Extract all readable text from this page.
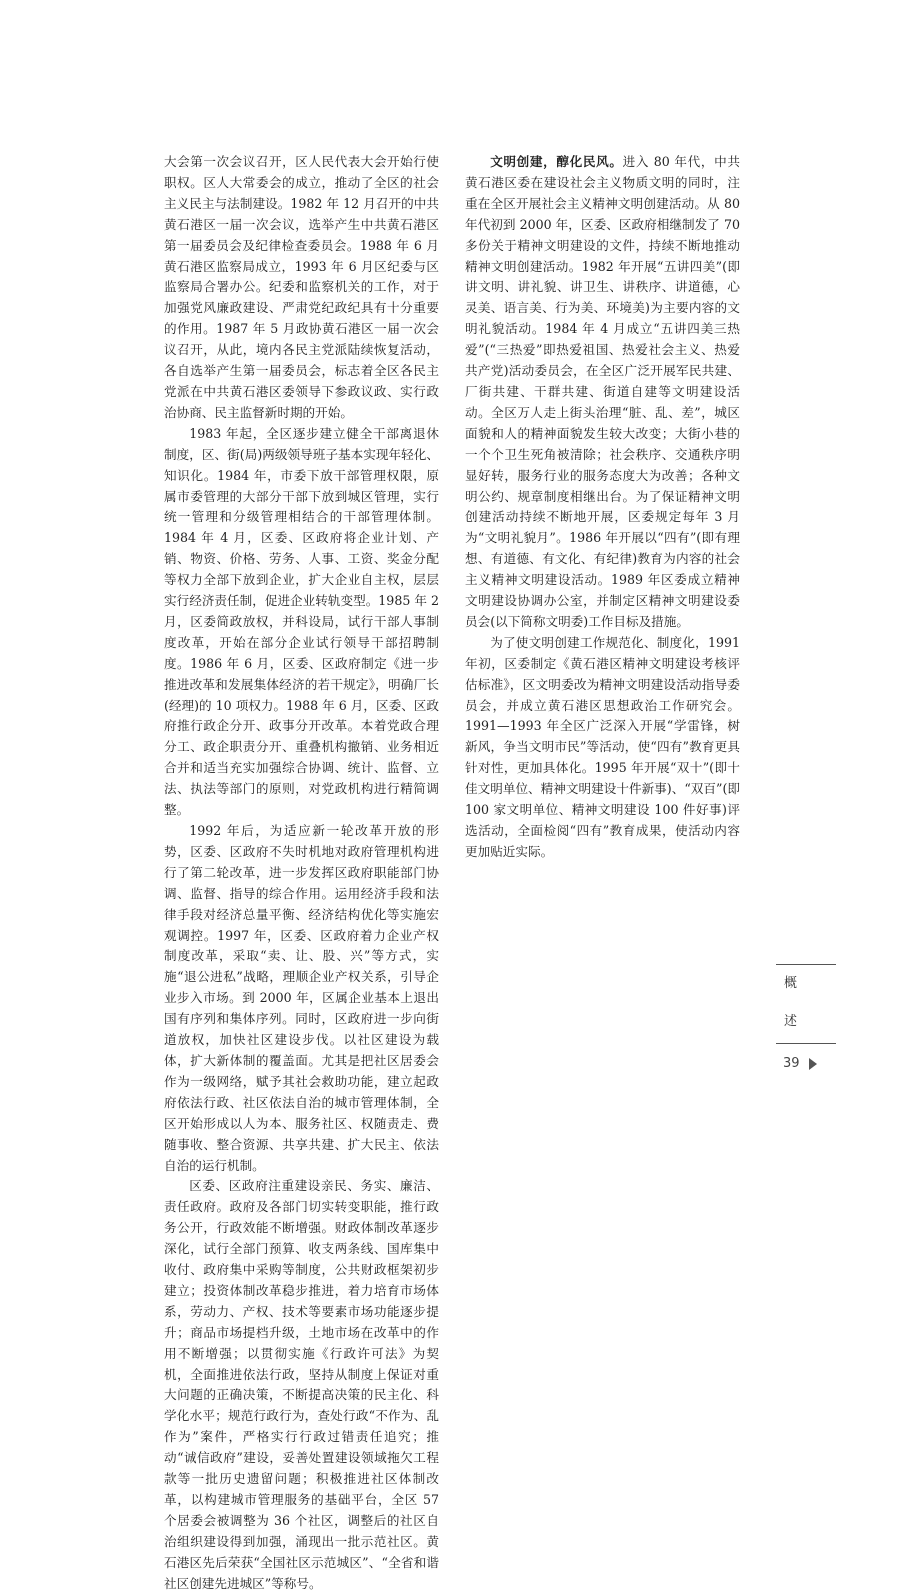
大会第一次会议召开，区人民代表大会开始行使职权。区人大常委会的成立，推动了全区的社会主义民主与法制建设。1982 年 12 月召开的中共黄石港区一届一次会议，选举产生中共黄石港区第一届委员会及纪律检查委员会。1988 年 6 月黄石港区监察局成立，1993 年 6 月区纪委与区监察局合署办公。纪委和监察机关的工作，对于加强党风廉政建设、严肃党纪政纪具有十分重要的作用。1987 年 5 月政协黄石港区一届一次会议召开，从此，境内各民主党派陆续恢复活动，各自选举产生第一届委员会，标志着全区各民主党派在中共黄石港区委领导下参政议政、实行政治协商、民主监督新时期的开始。

1983 年起，全区逐步建立健全干部离退休制度，区、街(局)两级领导班子基本实现年轻化、知识化。1984 年，市委下放干部管理权限，原属市委管理的大部分干部下放到城区管理，实行统一管理和分级管理相结合的干部管理体制。1984 年 4 月，区委、区政府将企业计划、产销、物资、价格、劳务、人事、工资、奖金分配等权力全部下放到企业，扩大企业自主权，层层实行经济责任制，促进企业转轨变型。1985 年 2 月，区委简政放权，并科设局，试行干部人事制度改革，开始在部分企业试行领导干部招聘制度。1986 年 6 月，区委、区政府制定《进一步推进改革和发展集体经济的若干规定》，明确厂长(经理)的 10 项权力。1988 年 6 月，区委、区政府推行政企分开、政事分开改革。本着党政合理分工、政企职责分开、重叠机构撤销、业务相近合并和适当充实加强综合协调、统计、监督、立法、执法等部门的原则，对党政机构进行精简调整。

1992 年后，为适应新一轮改革开放的形势，区委、区政府不失时机地对政府管理机构进行了第二轮改革，进一步发挥区政府职能部门协调、监督、指导的综合作用。运用经济手段和法律手段对经济总量平衡、经济结构优化等实施宏观调控。1997 年，区委、区政府着力企业产权制度改革，采取“卖、让、股、兴”等方式，实施“退公进私”战略，理顺企业产权关系，引导企业步入市场。到 2000 年，区属企业基本上退出国有序列和集体序列。同时，区政府进一步向街道放权，加快社区建设步伐。以社区建设为载体，扩大新体制的覆盖面。尤其是把社区居委会作为一级网络，赋予其社会救助功能，建立起政府依法行政、社区依法自治的城市管理体制，全区开始形成以人为本、服务社区、权随责走、费随事收、整合资源、共享共建、扩大民主、依法自治的运行机制。

区委、区政府注重建设亲民、务实、廉洁、责任政府。政府及各部门切实转变职能，推行政务公开，行政效能不断增强。财政体制改革逐步深化，试行全部门预算、收支两条线、国库集中收付、政府集中采购等制度，公共财政框架初步建立；投资体制改革稳步推进，着力培育市场体系，劳动力、产权、技术等要素市场功能逐步提升；商品市场提档升级，土地市场在改革中的作用不断增强；以贯彻实施《行政许可法》为契机，全面推进依法行政，坚持从制度上保证对重大问题的正确决策，不断提高决策的民主化、科学化水平；规范行政行为，查处行政“不作为、乱作为”案件，严格实行行政过错责任追究；推动“诚信政府”建设，妥善处置建设领域拖欠工程款等一批历史遗留问题；积极推进社区体制改革，以构建城市管理服务的基础平台，全区 57 个居委会被调整为 36 个社区，调整后的社区自治组织建设得到加强，涌现出一批示范社区。黄石港区先后荣获“全国社区示范城区”、“全省和谐社区创建先进城区”等称号。

文明创建，醇化民风。进入 80 年代，中共黄石港区委在建设社会主义物质文明的同时，注重在全区开展社会主义精神文明创建活动。从 80 年代初到 2000 年，区委、区政府相继制发了 70 多份关于精神文明建设的文件，持续不断地推动精神文明创建活动。1982 年开展“五讲四美”(即讲文明、讲礼貌、讲卫生、讲秩序、讲道德，心灵美、语言美、行为美、环境美)为主要内容的文明礼貌活动。1984 年 4 月成立“五讲四美三热爱”(“三热爱”即热爱祖国、热爱社会主义、热爱共产党)活动委员会，在全区广泛开展军民共建、厂街共建、干群共建、街道自建等文明建设活动。全区万人走上街头治理“脏、乱、差”，城区面貌和人的精神面貌发生较大改变；大街小巷的一个个卫生死角被清除；社会秩序、交通秩序明显好转，服务行业的服务态度大为改善；各种文明公约、规章制度相继出台。为了保证精神文明创建活动持续不断地开展，区委规定每年 3 月为“文明礼貌月”。1986 年开展以“四有”(即有理想、有道德、有文化、有纪律)教育为内容的社会主义精神文明建设活动。1989 年区委成立精神文明建设协调办公室，并制定区精神文明建设委员会(以下简称文明委)工作目标及措施。

为了使文明创建工作规范化、制度化，1991 年初，区委制定《黄石港区精神文明建设考核评估标准》，区文明委改为精神文明建设活动指导委员会，并成立黄石港区思想政治工作研究会。1991—1993 年全区广泛深入开展“学雷锋，树新风，争当文明市民”等活动，使“四有”教育更具针对性，更加具体化。1995 年开展“双十”(即十佳文明单位、精神文明建设十件新事)、“双百”(即 100 家文明单位、精神文明建设 100 件好事)评选活动，全面检阅“四有”教育成果，使活动内容更加贴近实际。

概
述
39
